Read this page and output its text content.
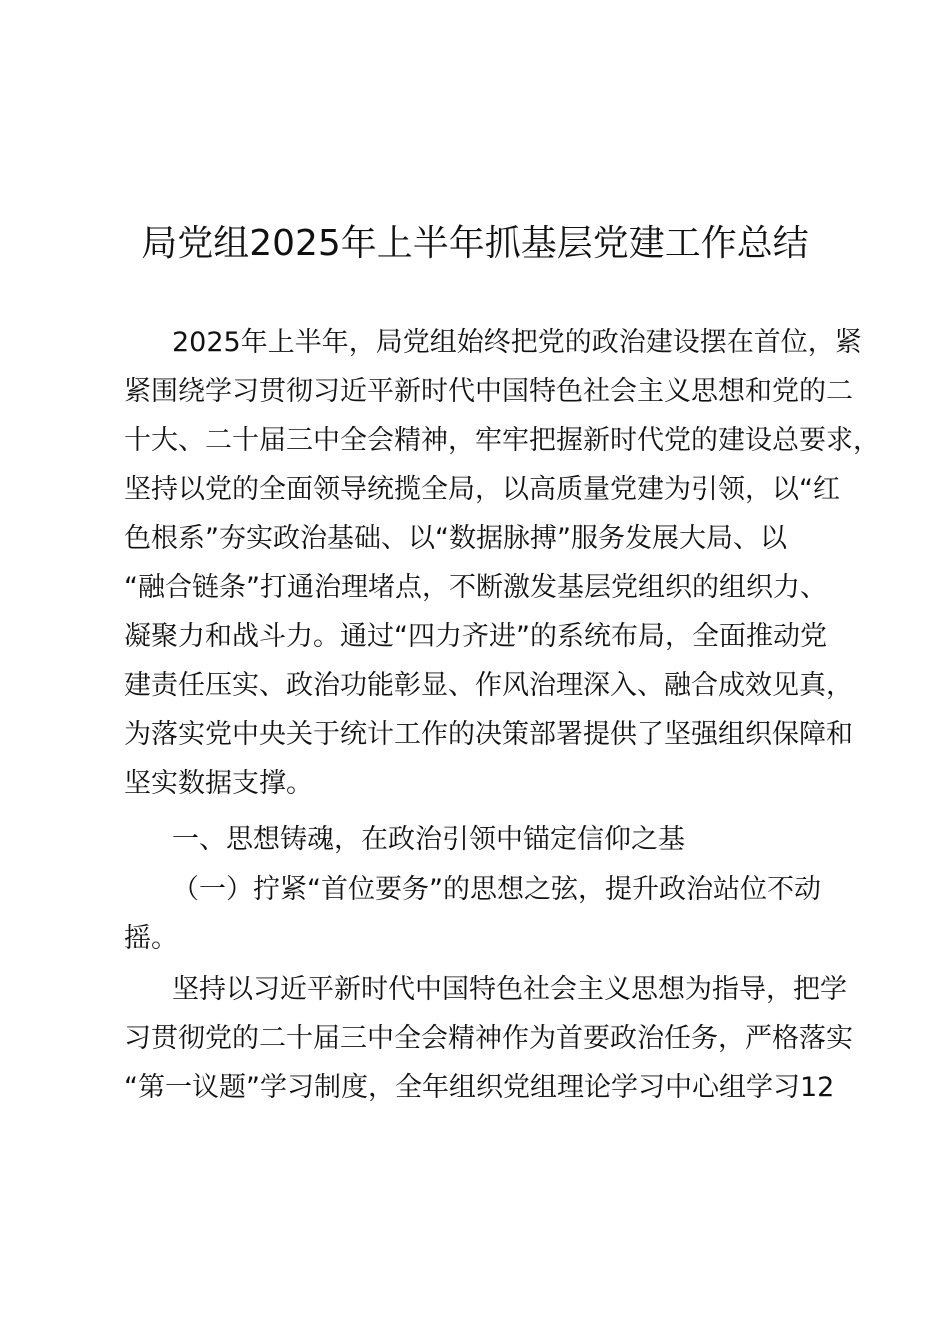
局党组2025年上半年抓基层党建工作总结
2025年上半年，局党组始终把党的政治建设摆在首位，紧
紧围绕学习贯彻习近平新时代中国特色社会主义思想和党的二
十大、二十届三中全会精神，牢牢把握新时代党的建设总要求，
坚持以党的全面领导统揽全局，以高质量党建为引领，以“红
色根系”夯实政治基础、以“数据脉搏”服务发展大局、以
“融合链条”打通治理堵点，不断激发基层党组织的组织力、
凝聚力和战斗力。通过“四力齐进”的系统布局，全面推动党
建责任压实、政治功能彰显、作风治理深入、融合成效见真，
为落实党中央关于统计工作的决策部署提供了坚强组织保障和
坚实数据支撑。
一、思想铸魂，在政治引领中锚定信仰之基
（一）拧紧“首位要务”的思想之弦，提升政治站位不动
摇。
坚持以习近平新时代中国特色社会主义思想为指导，把学
习贯彻党的二十届三中全会精神作为首要政治任务，严格落实
“第一议题”学习制度，全年组织党组理论学习中心组学习12
